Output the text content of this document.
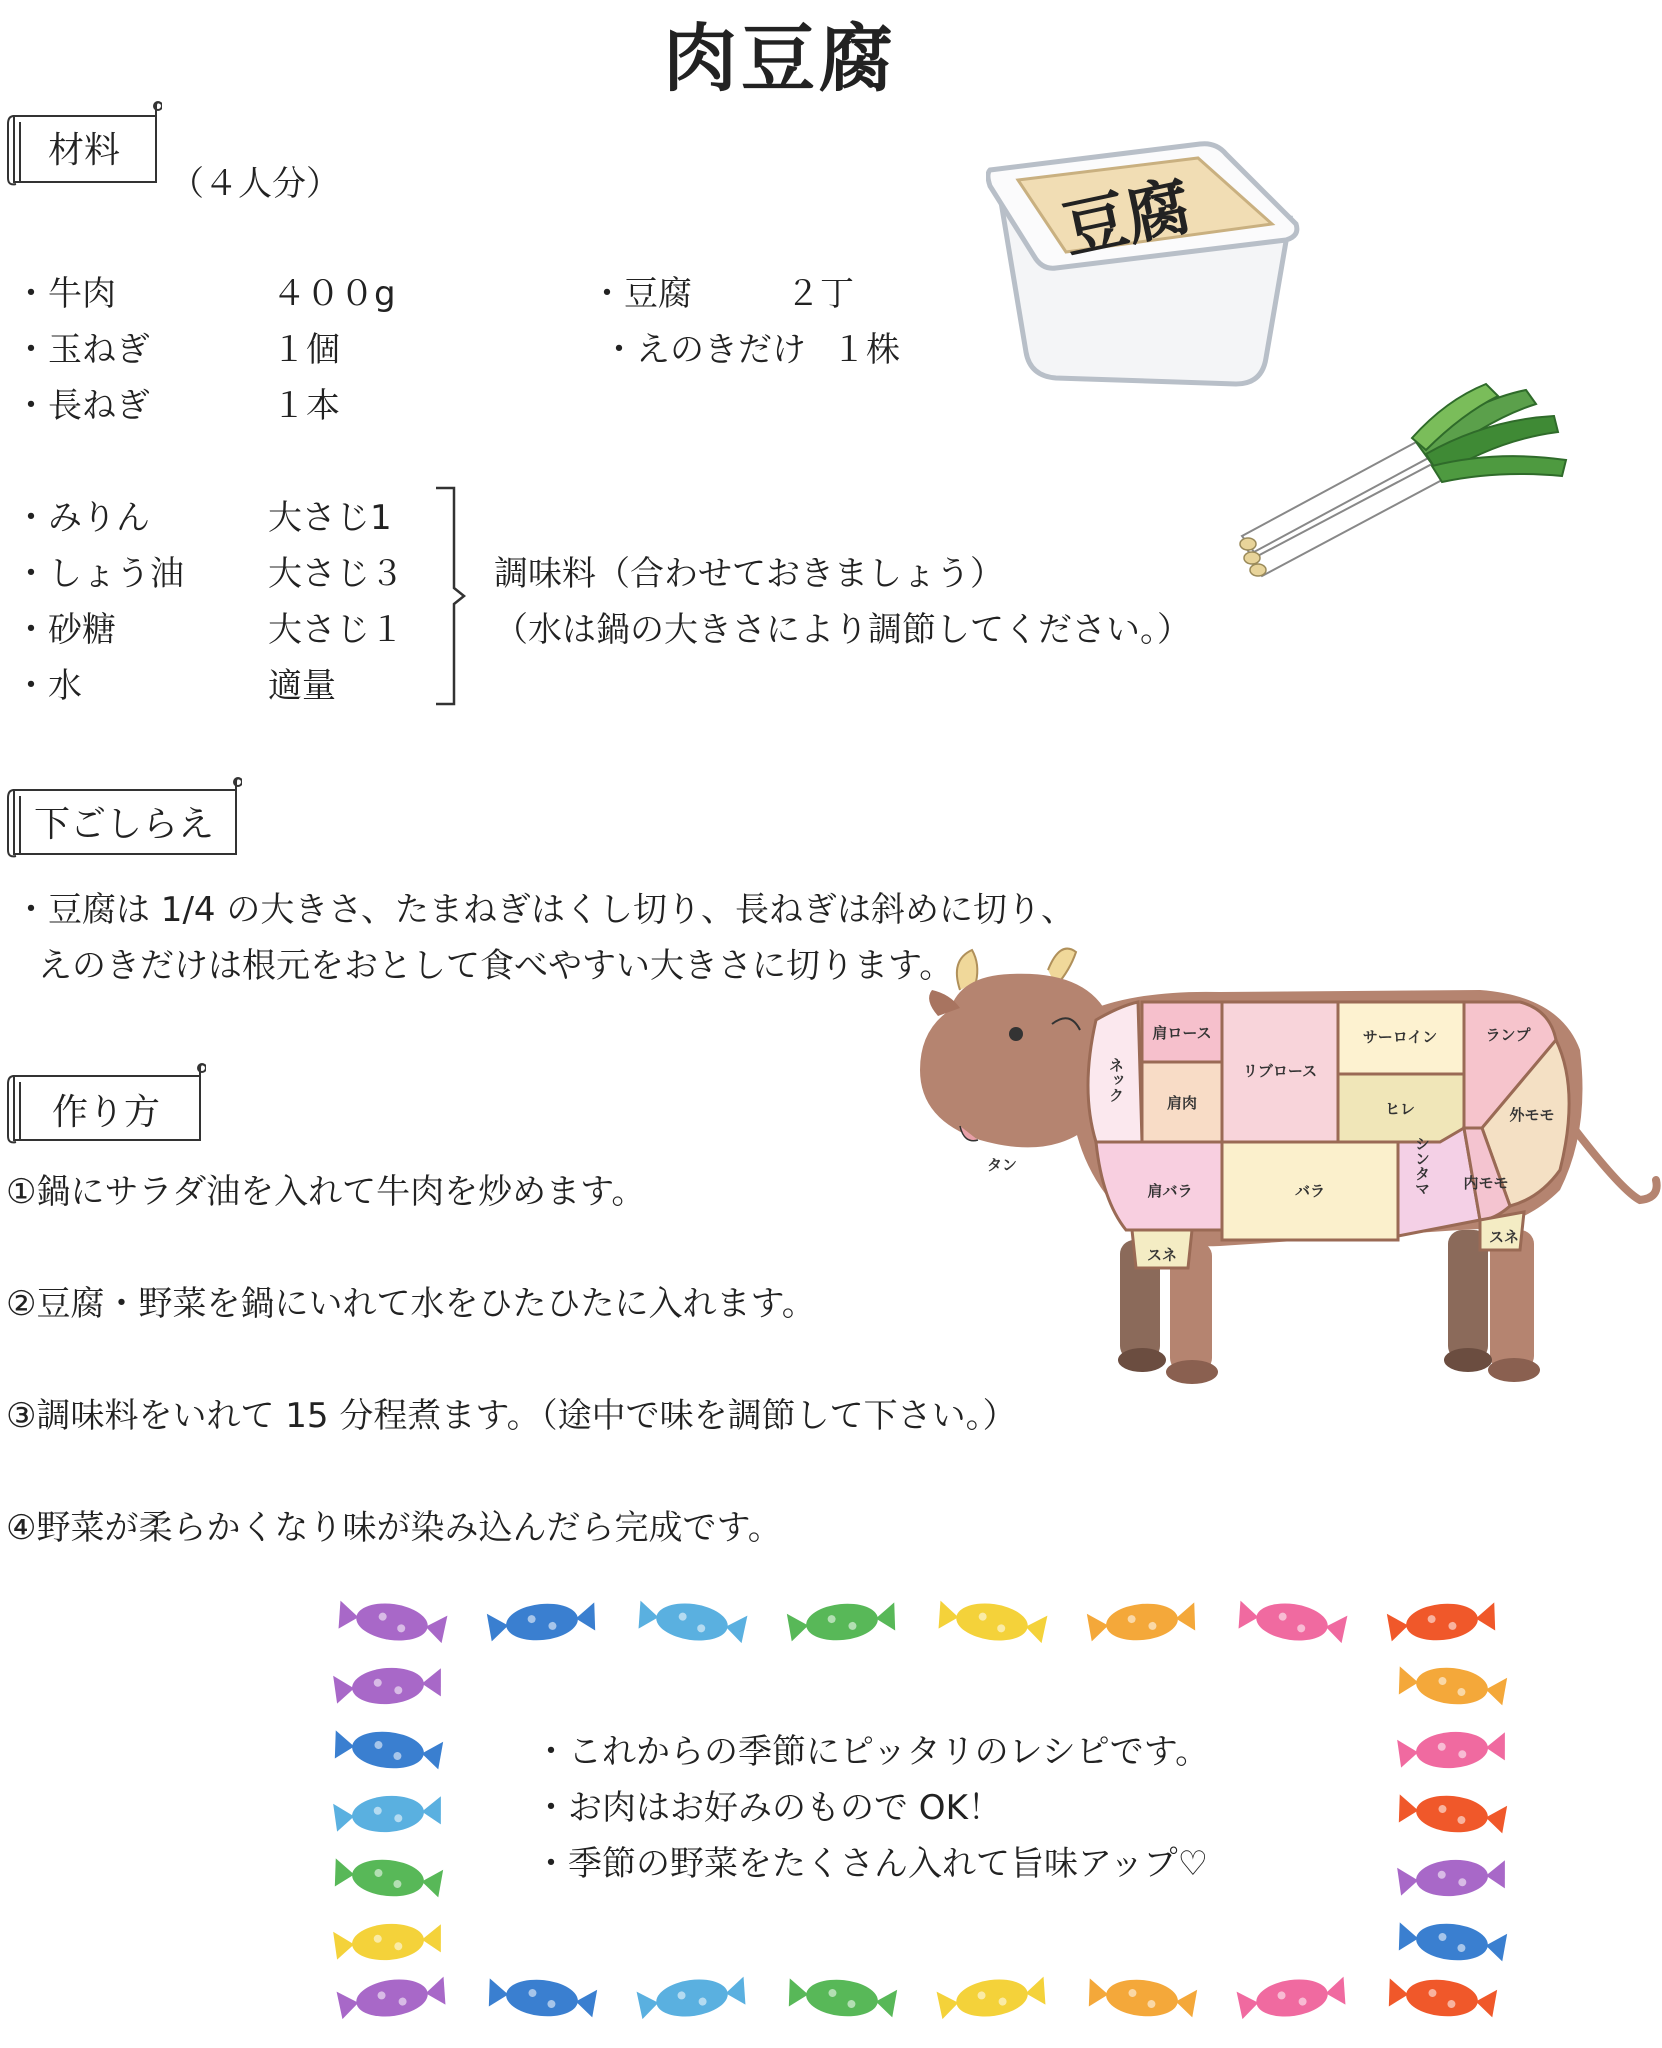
肉豆腐
材料
（４人分）
・牛肉	４００g
・玉ねぎ	１個
・長ねぎ	１本
・豆腐	２丁
・えのきだけ １株
・みりん	大さじ1
・しょう油 大さじ３
・砂糖	大さじ１
・水	適量
調味料（合わせておきましょう）
（水は鍋の大きさにより調節してください。）
豆腐
下ごしらえ
・豆腐は 1/4 の大きさ、たまねぎはくし切り、長ねぎは斜めに切り、
えのきだけは根元をおとして食べやすい大きさに切ります。
ネック
肩ロース
肩肉
リブロース
サーロイン	ランプ
ヒレ	外モモ
肩バラ	バラ	シンタマ 内モモ
スネ
スネ
タン
作り方
①鍋にサラダ油を入れて牛肉を炒めます。
②豆腐・野菜を鍋にいれて水をひたひたに入れます。
③調味料をいれて 15 分程煮ます。（途中で味を調節して下さい。）
④野菜が柔らかくなり味が染み込んだら完成です。
・これからの季節にピッタリのレシピです。
・お肉はお好みのもので OK！
・季節の野菜をたくさん入れて旨味アップ♡
